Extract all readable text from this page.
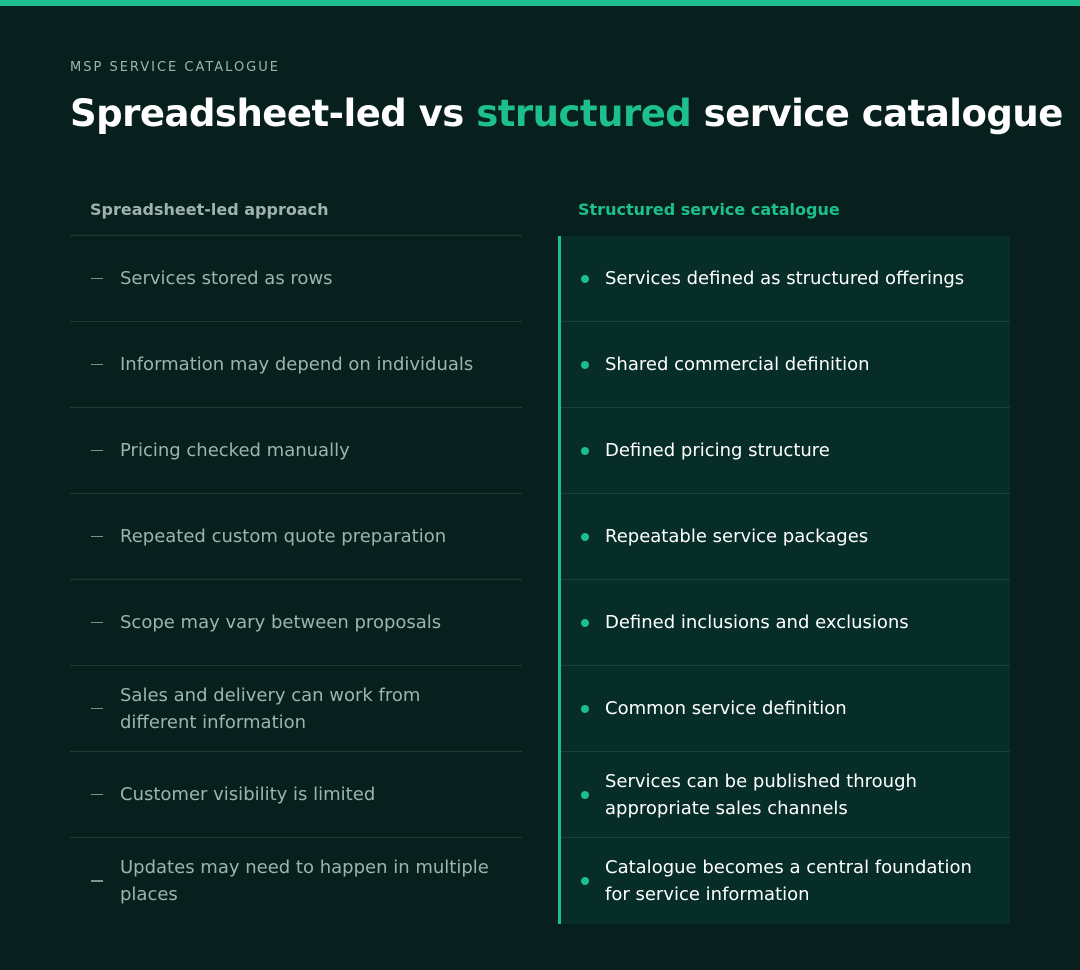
MSP SERVICE CATALOGUE
Spreadsheet-led vs structured service catalogue
Spreadsheet-led approach
Services stored as rows
Information may depend on individuals
Pricing checked manually
Repeated custom quote preparation
Scope may vary between proposals
Sales and delivery can work from different information
Customer visibility is limited
Updates may need to happen in multiple places
Structured service catalogue
Services defined as structured offerings
Shared commercial definition
Defined pricing structure
Repeatable service packages
Defined inclusions and exclusions
Common service definition
Services can be published through appropriate sales channels
Catalogue becomes a central foundation for service information
